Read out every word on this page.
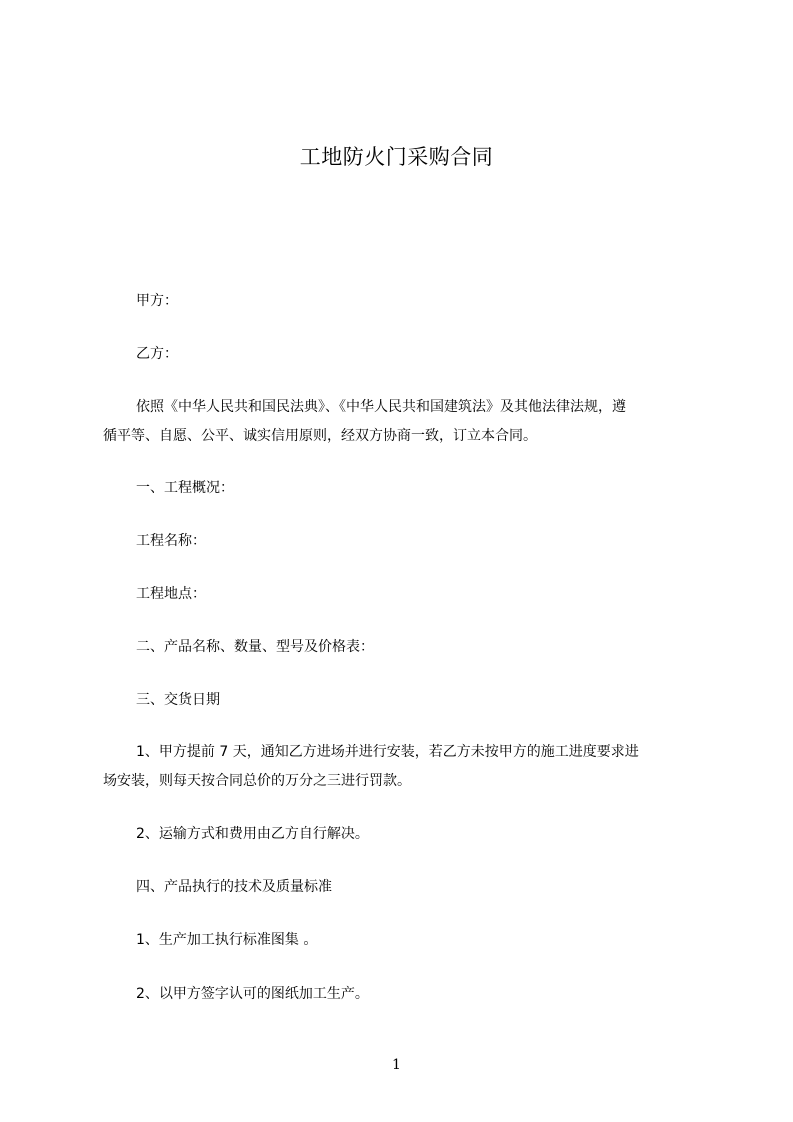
工地防火门采购合同
甲方：
乙方：
依照《中华人民共和国民法典》、《中华人民共和国建筑法》及其他法律法规，遵
循平等、自愿、公平、诚实信用原则，经双方协商一致，订立本合同。
一、工程概况：
工程名称：
工程地点：
二、产品名称、数量、型号及价格表：
三、交货日期
1、甲方提前 7 天，通知乙方进场并进行安装，若乙方未按甲方的施工进度要求进
场安装，则每天按合同总价的万分之三进行罚款。
2、运输方式和费用由乙方自行解决。
四、产品执行的技术及质量标准
1、生产加工执行标准图集 。
2、以甲方签字认可的图纸加工生产。
1
